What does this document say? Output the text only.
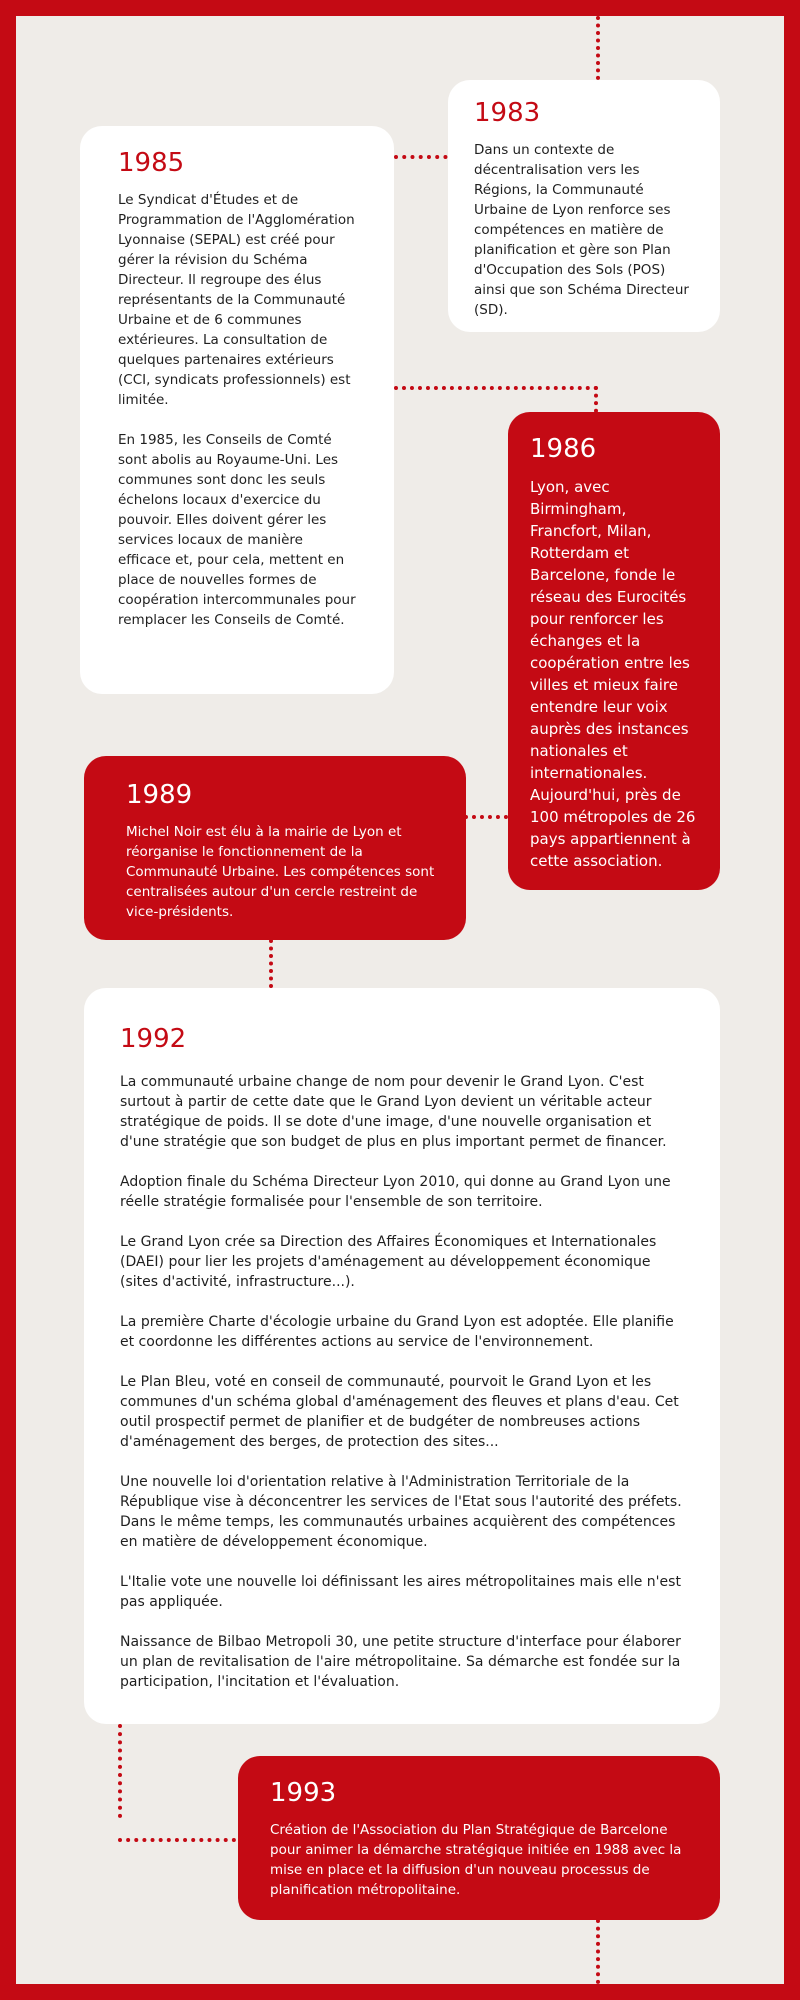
1983

Dans un contexte de décentralisation vers les Régions, la Communauté Urbaine de Lyon renforce ses compétences en matière de planification et gère son Plan d'Occupation des Sols (POS) ainsi que son Schéma Directeur (SD).

1985

Le Syndicat d'Études et de Programmation de l'Agglomération Lyonnaise (SEPAL) est créé pour gérer la révision du Schéma Directeur. Il regroupe des élus représentants de la Communauté Urbaine et de 6 communes extérieures. La consultation de quelques partenaires extérieurs (CCI, syndicats professionnels) est limitée.

En 1985, les Conseils de Comté sont abolis au Royaume-Uni. Les communes sont donc les seuls échelons locaux d'exercice du pouvoir. Elles doivent gérer les services locaux de manière efficace et, pour cela, mettent en place de nouvelles formes de coopération intercommunales pour remplacer les Conseils de Comté.

1986

Lyon, avec Birmingham, Francfort, Milan, Rotterdam et Barcelone, fonde le réseau des Eurocités pour renforcer les échanges et la coopération entre les villes et mieux faire entendre leur voix auprès des instances nationales et internationales. Aujourd'hui, près de 100 métropoles de 26 pays appartiennent à cette association.

1989

Michel Noir est élu à la mairie de Lyon et réorganise le fonctionnement de la Communauté Urbaine. Les compétences sont centralisées autour d'un cercle restreint de vice-présidents.

1992

La communauté urbaine change de nom pour devenir le Grand Lyon. C'est surtout à partir de cette date que le Grand Lyon devient un véritable acteur stratégique de poids. Il se dote d'une image, d'une nouvelle organisation et d'une stratégie que son budget de plus en plus important permet de financer.

Adoption finale du Schéma Directeur Lyon 2010, qui donne au Grand Lyon une réelle stratégie formalisée pour l'ensemble de son territoire.

Le Grand Lyon crée sa Direction des Affaires Économiques et Internationales (DAEI) pour lier les projets d'aménagement au développement économique (sites d'activité, infrastructure...).

La première Charte d'écologie urbaine du Grand Lyon est adoptée. Elle planifie et coordonne les différentes actions au service de l'environnement.

Le Plan Bleu, voté en conseil de communauté, pourvoit le Grand Lyon et les communes d'un schéma global d'aménagement des fleuves et plans d'eau. Cet outil prospectif permet de planifier et de budgéter de nombreuses actions d'aménagement des berges, de protection des sites...

Une nouvelle loi d'orientation relative à l'Administration Territoriale de la République vise à déconcentrer les services de l'Etat sous l'autorité des préfets. Dans le même temps, les communautés urbaines acquièrent des compétences en matière de développement économique.

L'Italie vote une nouvelle loi définissant les aires métropolitaines mais elle n'est pas appliquée.

Naissance de Bilbao Metropoli 30, une petite structure d'interface pour élaborer un plan de revitalisation de l'aire métropolitaine. Sa démarche est fondée sur la participation, l'incitation et l'évaluation.

1993

Création de l'Association du Plan Stratégique de Barcelone pour animer la démarche stratégique initiée en 1988 avec la mise en place et la diffusion d'un nouveau processus de planification métropolitaine.
